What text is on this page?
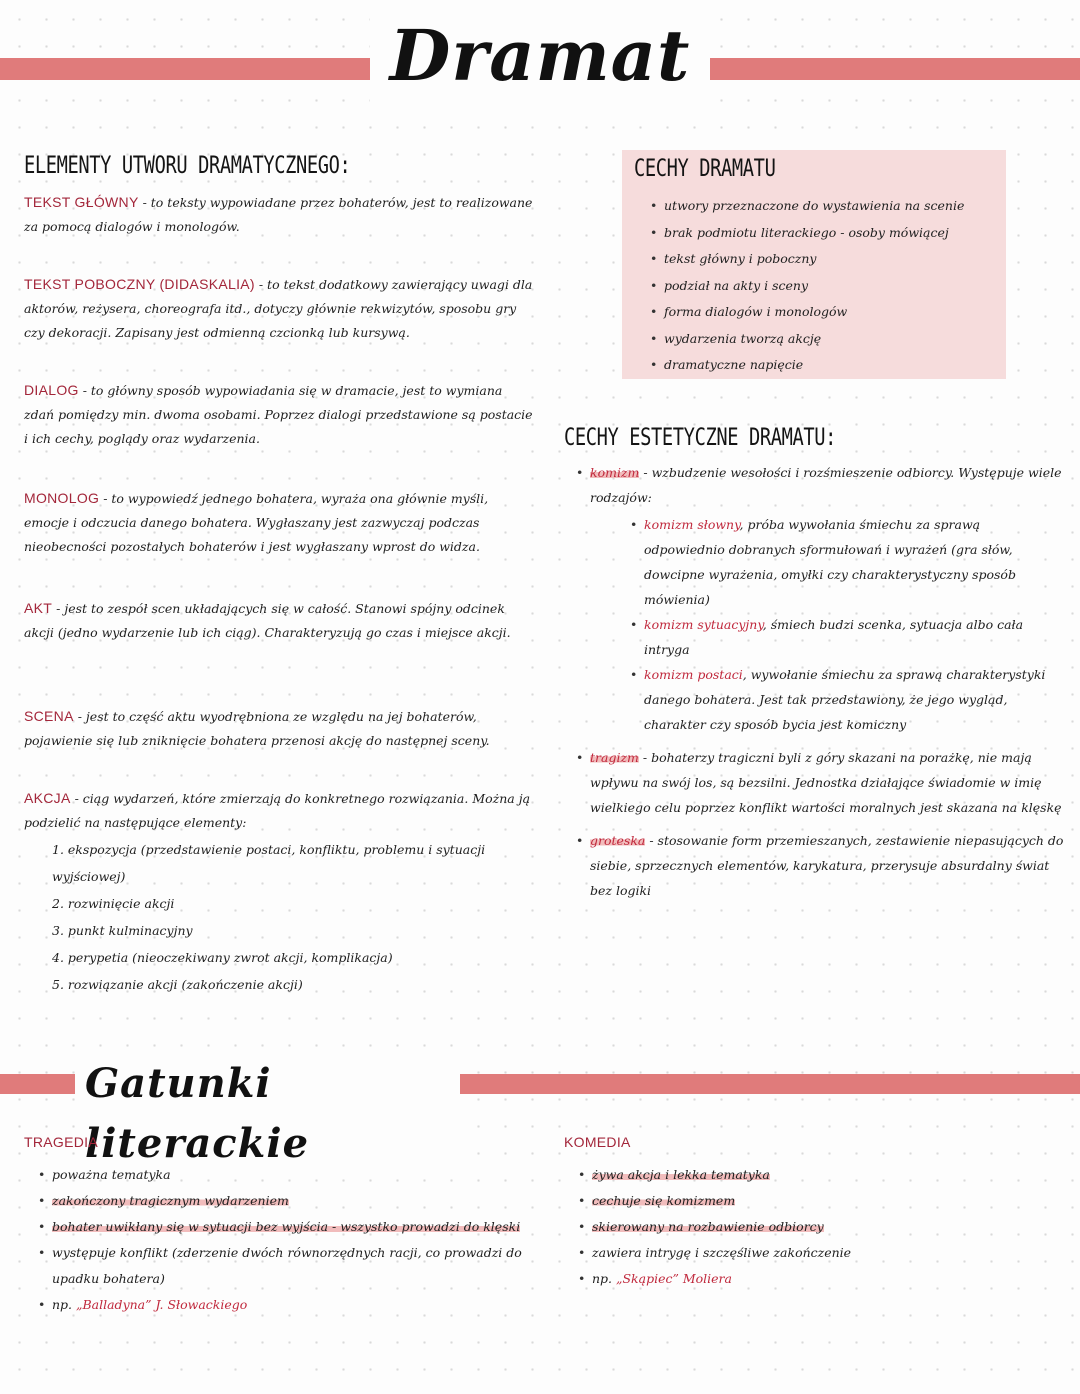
Dramat
ELEMENTY UTWORU DRAMATYCZNEGO:
TEKST GŁÓWNY - to teksty wypowiadane przez bohaterów, jest to realizowane za pomocą dialogów i monologów.
TEKST POBOCZNY (DIDASKALIA) - to tekst dodatkowy zawierający uwagi dla aktorów, reżysera, choreografa itd., dotyczy głównie rekwizytów, sposobu gry czy dekoracji. Zapisany jest odmienną czcionką lub kursywą.
DIALOG - to główny sposób wypowiadania się w dramacie, jest to wymiana zdań pomiędzy min. dwoma osobami. Poprzez dialogi przedstawione są postacie i ich cechy, poglądy oraz wydarzenia.
MONOLOG - to wypowiedź jednego bohatera, wyraża ona głównie myśli, emocje i odczucia danego bohatera. Wygłaszany jest zazwyczaj podczas nieobecności pozostałych bohaterów i jest wygłaszany wprost do widza.
AKT - jest to zespół scen układających się w całość. Stanowi spójny odcinek akcji (jedno wydarzenie lub ich ciąg). Charakteryzują go czas i miejsce akcji.
SCENA - jest to część aktu wyodrębniona ze względu na jej bohaterów, pojawienie się lub zniknięcie bohatera przenosi akcję do następnej sceny.
AKCJA - ciąg wydarzeń, które zmierzają do konkretnego rozwiązania. Można ją podzielić na następujące elementy:
1. ekspozycja (przedstawienie postaci, konfliktu, problemu i sytuacji wyjściowej)
2. rozwinięcie akcji
3. punkt kulminacyjny
4. perypetia (nieoczekiwany zwrot akcji, komplikacja)
5. rozwiązanie akcji (zakończenie akcji)
CECHY DRAMATU
• utwory przeznaczone do wystawienia na scenie
• brak podmiotu literackiego - osoby mówiącej
• tekst główny i poboczny
• podział na akty i sceny
• forma dialogów i monologów
• wydarzenia tworzą akcję
• dramatyczne napięcie
CECHY ESTETYCZNE DRAMATU:
• komizm - wzbudzenie wesołości i rozśmieszenie odbiorcy. Występuje wiele rodzajów:
• komizm słowny, próba wywołania śmiechu za sprawą odpowiednio dobranych sformułowań i wyrażeń (gra słów, dowcipne wyrażenia, omyłki czy charakterystyczny sposób mówienia)
• komizm sytuacyjny, śmiech budzi scenka, sytuacja albo cała intryga
• komizm postaci, wywołanie śmiechu za sprawą charakterystyki danego bohatera. Jest tak przedstawiony, że jego wygląd, charakter czy sposób bycia jest komiczny
• tragizm - bohaterzy tragiczni byli z góry skazani na porażkę, nie mają wpływu na swój los, są bezsilni. Jednostka działające świadomie w imię wielkiego celu poprzez konflikt wartości moralnych jest skazana na klęskę
• groteska - stosowanie form przemieszanych, zestawienie niepasujących do siebie, sprzecznych elementów, karykatura, przerysuje absurdalny świat bez logiki
Gatunki literackie
TRAGEDIA
• poważna tematyka
• zakończony tragicznym wydarzeniem
• bohater uwikłany się w sytuacji bez wyjścia - wszystko prowadzi do klęski
• występuje konflikt (zderzenie dwóch równorzędnych racji, co prowadzi do upadku bohatera)
• np. „Balladyna” J. Słowackiego
KOMEDIA
• żywa akcja i lekka tematyka
• cechuje się komizmem
• skierowany na rozbawienie odbiorcy
• zawiera intrygę i szczęśliwe zakończenie
• np. „Skąpiec” Moliera
